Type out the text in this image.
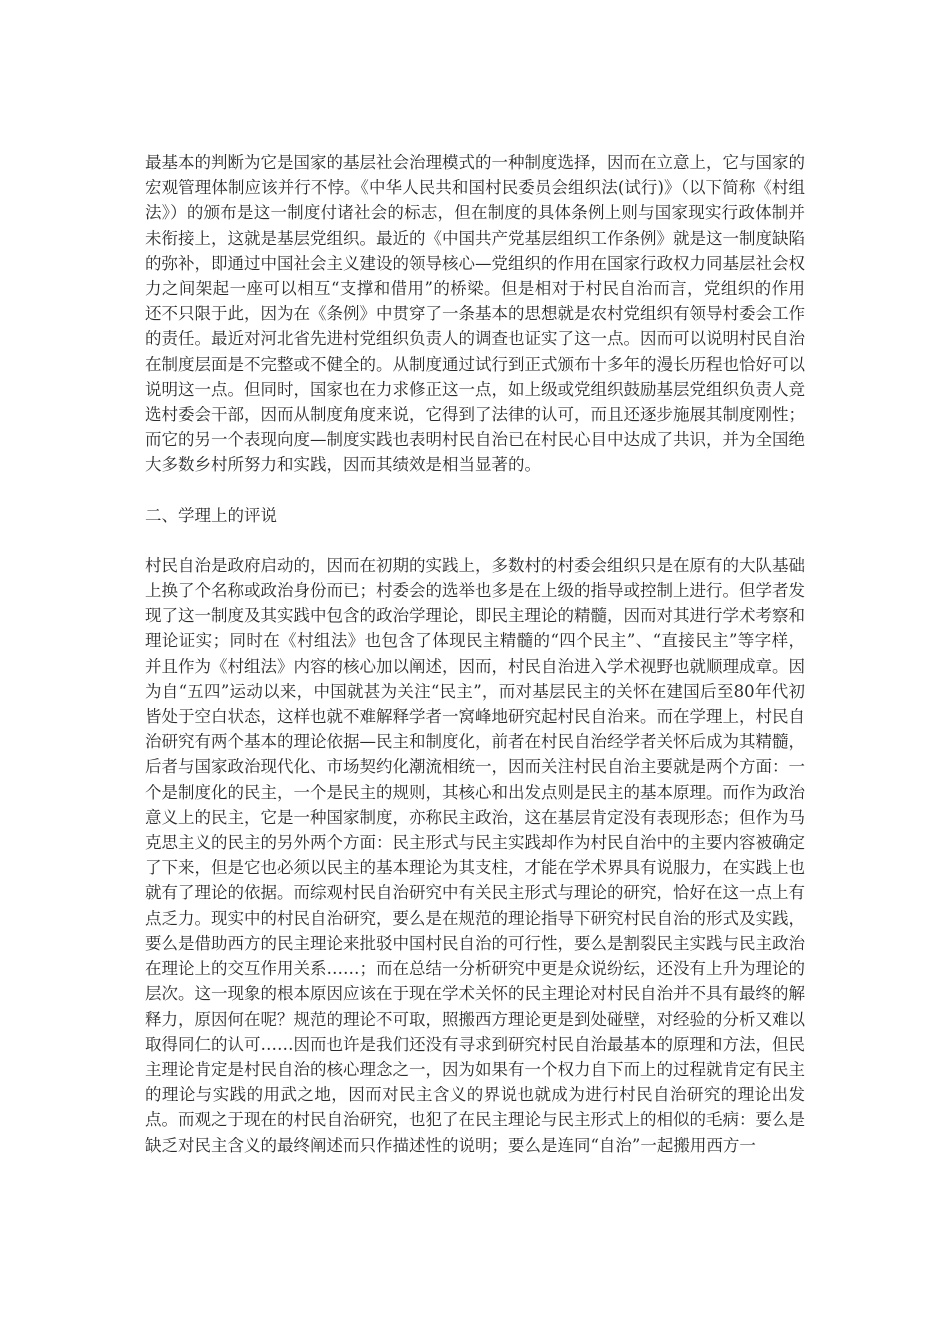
最基本的判断为它是国家的基层社会治理模式的一种制度选择，因而在立意上，它与国家的宏观管理体制应该并行不悖。《中华人民共和国村民委员会组织法(试行)》（以下简称《村组法》）的颁布是这一制度付诸社会的标志，但在制度的具体条例上则与国家现实行政体制并未衔接上，这就是基层党组织。最近的《中国共产党基层组织工作条例》就是这一制度缺陷的弥补，即通过中国社会主义建设的领导核心—党组织的作用在国家行政权力同基层社会权力之间架起一座可以相互“支撑和借用”的桥梁。但是相对于村民自治而言，党组织的作用还不只限于此，因为在《条例》中贯穿了一条基本的思想就是农村党组织有领导村委会工作的责任。最近对河北省先进村党组织负责人的调查也证实了这一点。因而可以说明村民自治在制度层面是不完整或不健全的。从制度通过试行到正式颁布十多年的漫长历程也恰好可以说明这一点。但同时，国家也在力求修正这一点，如上级或党组织鼓励基层党组织负责人竞选村委会干部，因而从制度角度来说，它得到了法律的认可，而且还逐步施展其制度刚性；而它的另一个表现向度—制度实践也表明村民自治已在村民心目中达成了共识，并为全国绝大多数乡村所努力和实践，因而其绩效是相当显著的。

二、学理上的评说

村民自治是政府启动的，因而在初期的实践上，多数村的村委会组织只是在原有的大队基础上换了个名称或政治身份而已；村委会的选举也多是在上级的指导或控制上进行。但学者发现了这一制度及其实践中包含的政治学理论，即民主理论的精髓，因而对其进行学术考察和理论证实；同时在《村组法》也包含了体现民主精髓的“四个民主”、“直接民主”等字样，并且作为《村组法》内容的核心加以阐述，因而，村民自治进入学术视野也就顺理成章。因为自“五四”运动以来，中国就甚为关注“民主”，而对基层民主的关怀在建国后至80年代初皆处于空白状态，这样也就不难解释学者一窝峰地研究起村民自治来。而在学理上，村民自治研究有两个基本的理论依据—民主和制度化，前者在村民自治经学者关怀后成为其精髓，后者与国家政治现代化、市场契约化潮流相统一，因而关注村民自治主要就是两个方面：一个是制度化的民主，一个是民主的规则，其核心和出发点则是民主的基本原理。而作为政治意义上的民主，它是一种国家制度，亦称民主政治，这在基层肯定没有表现形态；但作为马克思主义的民主的另外两个方面：民主形式与民主实践却作为村民自治中的主要内容被确定了下来，但是它也必须以民主的基本理论为其支柱，才能在学术界具有说服力，在实践上也就有了理论的依据。而综观村民自治研究中有关民主形式与理论的研究，恰好在这一点上有点乏力。现实中的村民自治研究，要么是在规范的理论指导下研究村民自治的形式及实践，要么是借助西方的民主理论来批驳中国村民自治的可行性，要么是割裂民主实践与民主政治在理论上的交互作用关系……；而在总结一分析研究中更是众说纷纭，还没有上升为理论的层次。这一现象的根本原因应该在于现在学术关怀的民主理论对村民自治并不具有最终的解释力，原因何在呢？规范的理论不可取，照搬西方理论更是到处碰壁，对经验的分析又难以取得同仁的认可……因而也许是我们还没有寻求到研究村民自治最基本的原理和方法，但民主理论肯定是村民自治的核心理念之一，因为如果有一个权力自下而上的过程就肯定有民主的理论与实践的用武之地，因而对民主含义的界说也就成为进行村民自治研究的理论出发点。而观之于现在的村民自治研究，也犯了在民主理论与民主形式上的相似的毛病：要么是缺乏对民主含义的最终阐述而只作描述性的说明；要么是连同“自治”一起搬用西方一
